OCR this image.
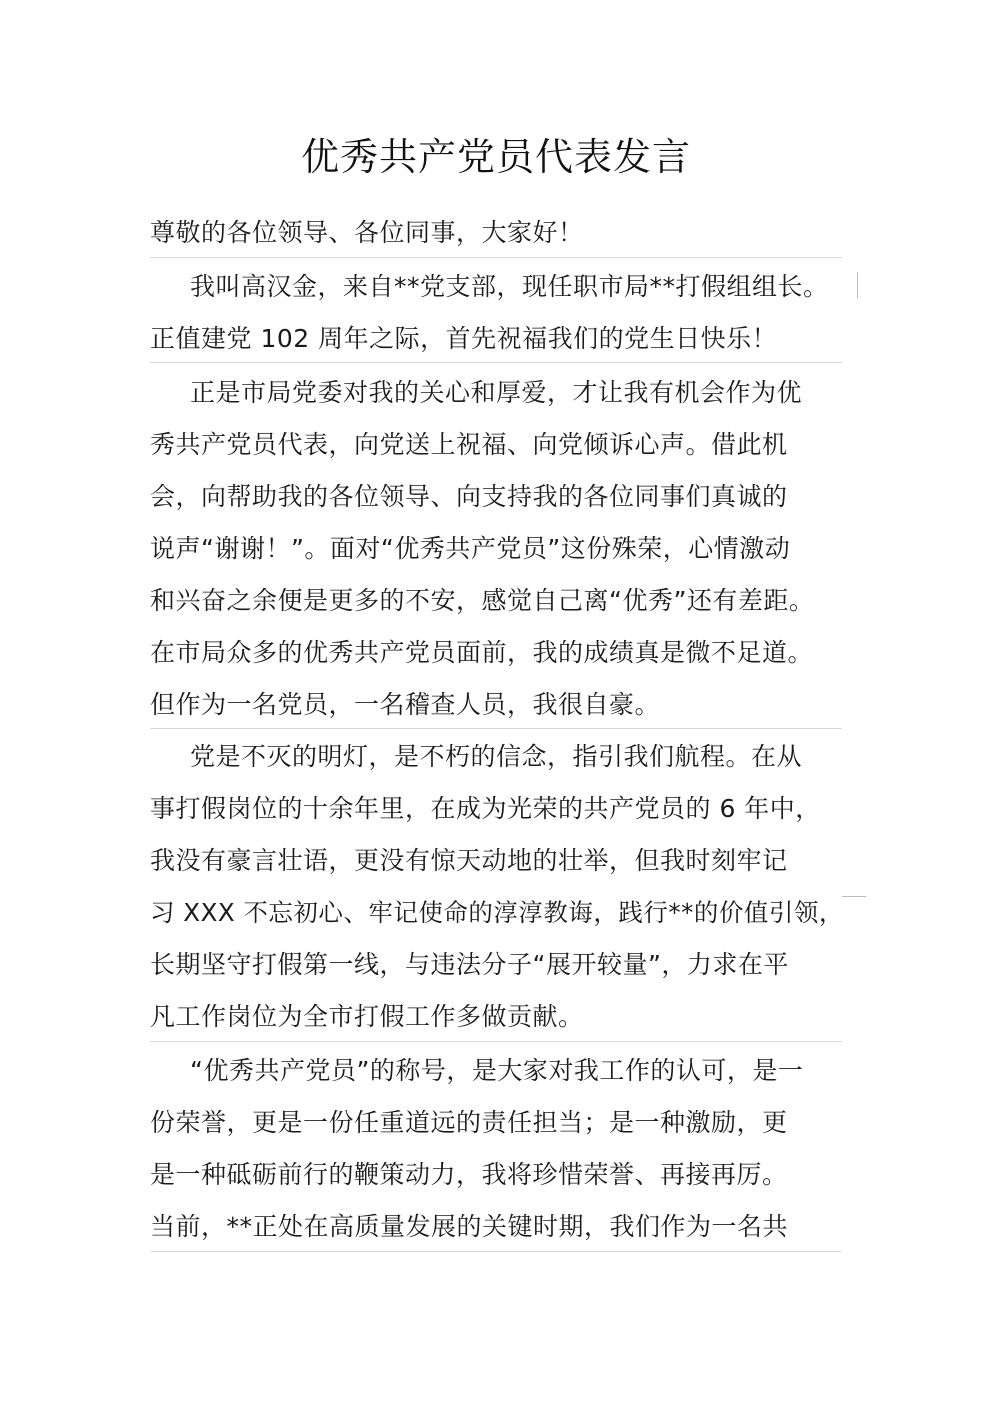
优秀共产党员代表发言
尊敬的各位领导、各位同事，大家好！
我叫高汉金，来自**党支部，现任职市局**打假组组长。
正值建党 102 周年之际，首先祝福我们的党生日快乐！
正是市局党委对我的关心和厚爱，才让我有机会作为优
秀共产党员代表，向党送上祝福、向党倾诉心声。借此机
会，向帮助我的各位领导、向支持我的各位同事们真诚的
说声“谢谢！”。面对“优秀共产党员”这份殊荣，心情激动
和兴奋之余便是更多的不安，感觉自己离“优秀”还有差距。
在市局众多的优秀共产党员面前，我的成绩真是微不足道。
但作为一名党员，一名稽查人员，我很自豪。
党是不灭的明灯，是不朽的信念，指引我们航程。在从
事打假岗位的十余年里，在成为光荣的共产党员的 6 年中，
我没有豪言壮语，更没有惊天动地的壮举，但我时刻牢记
习 XXX 不忘初心、牢记使命的淳淳教诲，践行**的价值引领，
长期坚守打假第一线，与违法分子“展开较量”，力求在平
凡工作岗位为全市打假工作多做贡献。
“优秀共产党员”的称号，是大家对我工作的认可，是一
份荣誉，更是一份任重道远的责任担当；是一种激励，更
是一种砥砺前行的鞭策动力，我将珍惜荣誉、再接再厉。
当前，**正处在高质量发展的关键时期，我们作为一名共
